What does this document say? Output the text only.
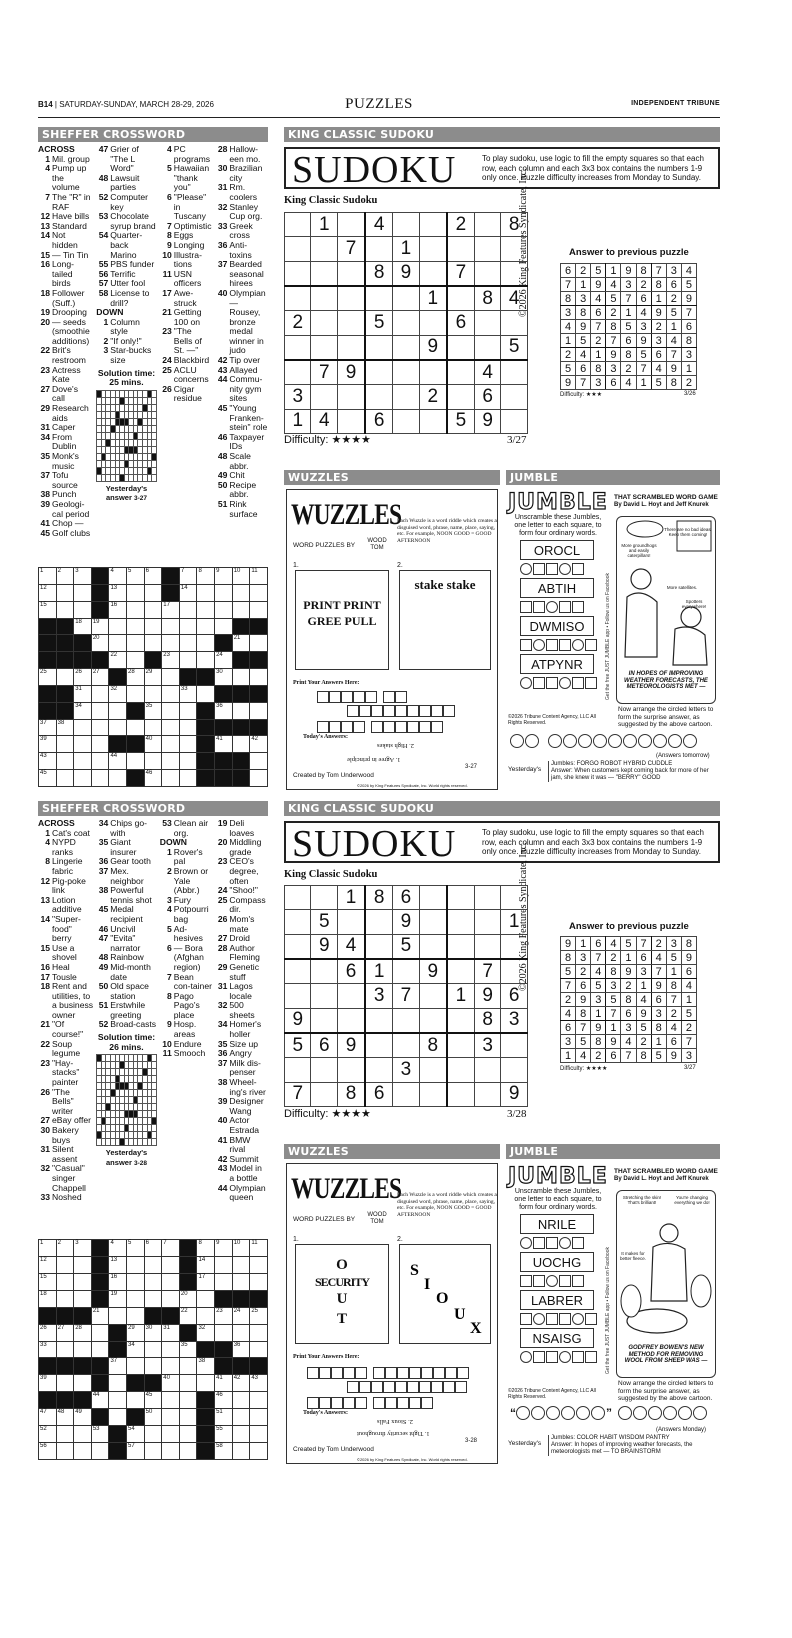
B14 | SATURDAY-SUNDAY, MARCH 28-29, 2026	PUZZLES	INDEPENDENT TRIBUNE
SHEFFER CROSSWORD
ACROSS
1 Mil. group
4 Pump up the volume
7 The "R" in RAF
12 Have bills
13 Standard
14 Not hidden
15 — Tin Tin
16 Long-tailed birds
18 Follower (Suff.)
19 Drooping
20 — seeds (smoothie additions)
22 Brit's restroom
23 Actress Kate
27 Dove's call
29 Research aids
31 Caper
34 From Dublin
35 Monk's music
37 Tofu source
38 Punch
39 Geologi-cal period
41 Chop —
45 Golf clubs
47 Grier of "The L Word"
48 Lawsuit parties
52 Computer key
53 Chocolate syrup brand
54 Quarter-back Marino
55 PBS funder
56 Terrific
57 Utter fool
58 License to drill?
DOWN
1 Column style
2 "If only!"
3 Star-bucks size
Solution time: 25 mins.

Yesterday's answer 3-27
4 PC programs
5 Hawaiian "thank you"
6 "Please" in Tuscany
7 Optimistic
8 Eggs
9 Longing
10 Illustra-tions
11 USN officers
17 Awe-struck
21 Getting 100 on
23 "The Bells of St. —"
24 Blackbird
25 ACLU concerns
26 Cigar residue
28 Hallow-een mo.
30 Brazilian city
31 Rm. coolers
32 Stanley Cup org.
33 Greek cross
36 Anti-toxins
37 Bearded seasonal hirees
40 Olympian — Rousey, bronze medal winner in judo
42 Tip over
43 Allayed
44 Commu-nity gym sites
45 "Young Franken-stein" role
46 Taxpayer IDs
48 Scale abbr.
49 Chit
50 Recipe abbr.
51 Rink surface
1	2	3		4	5	6		7	8	9	10	11

12				13				14				

15				16			17					

		18	19									

			20								21	

				22			23			24		

25		26	27		28	29				30		

		31		32				33				

		34				35				36		

37	38											

39						40				41		42

43				44								

45						46						

SHEFFER CROSSWORD
ACROSS
1 Cat's coat
4 NYPD ranks
8 Lingerie fabric
12 Pig-poke link
13 Lotion additive
14 "Super-food" berry
15 Use a shovel
16 Heal
17 Tousle
18 Rent and utilities, to a business owner
21 "Of course!"
22 Soup legume
23 "Hay-stacks" painter
26 "The Bells" writer
27 eBay offer
30 Bakery buys
31 Silent assent
32 "Casual" singer Chappell
33 Noshed
34 Chips go-with
35 Giant insurer
36 Gear tooth
37 Mex. neighbor
38 Powerful tennis shot
45 Medal recipient
46 Uncivil
47 "Evita" narrator
48 Rainbow
49 Mid-month date
50 Old space station
51 Erstwhile greeting
52 Broad-casts
Solution time: 26 mins.

Yesterday's answer 3-28
53 Clean air org.
DOWN
1 Rover's pal
2 Brown or Yale (Abbr.)
3 Fury
4 Potpourri bag
5 Ad-hesives
6 — Bora (Afghan region)
7 Bean con-tainer
8 Pago Pago's place
9 Hosp. areas
10 Endure
11 Smooch
19 Deli loaves
20 Middling grade
23 CEO's degree, often
24 "Shoo!"
25 Compass dir.
26 Mom's mate
27 Droid
28 Author Fleming
29 Genetic stuff
31 Lagos locale
32 500 sheets
34 Homer's holler
35 Size up
36 Angry
37 Milk dis-penser
38 Wheel-ing's river
39 Designer Wang
40 Actor Estrada
41 BMW rival
42 Summit
43 Model in a bottle
44 Olympian queen
1	2	3		4	5	6	7		8	9	10	11

12				13					14			

15				16					17			

18				19				20				

			21					22		23	24	25

26	27	28			29	30	31		32			

33					34			35			36	

				37					38			

39							40			41	42	43

			44			45				46		

47	48	49				50				51		

52			53		54					55		

56					57					58		

KING CLASSIC SUDOKU
SUDOKU	To play sudoku, use logic to fill the empty squares so that each row, each column and each 3x3 box contains the numbers 1-9 only once. Puzzle difficulty increases from Monday to Sunday.
King Classic Sudoku	©2026 King Features Syndicate, Inc.
Difficulty: ★★★★	3/27
Answer to previous puzzle
Difficulty: ★★★	3/26
	1		4			2		8
		7		1				
			8	9		7		
					1		8	4
2			5			6		
					9			5
	7	9					4	
3					2		6	
1	4		6			5	9	
6	2	5	1	9	8	7	3	4
7	1	9	4	3	2	8	6	5
8	3	4	5	7	6	1	2	9
3	8	6	2	1	4	9	5	7
4	9	7	8	5	3	2	1	6
1	5	2	7	6	9	3	4	8
2	4	1	9	8	5	6	7	3
5	6	8	3	2	7	4	9	1
9	7	3	6	4	1	5	8	2
KING CLASSIC SUDOKU
SUDOKU	To play sudoku, use logic to fill the empty squares so that each row, each column and each 3x3 box contains the numbers 1-9 only once. Puzzle difficulty increases from Monday to Sunday.
King Classic Sudoku	©2026 King Features Syndicate, Inc.
Difficulty: ★★★★	3/28
Answer to previous puzzle
Difficulty: ★★★★	3/27
		1	8	6				
	5			9				1
	9	4		5				
		6	1		9		7	
			3	7		1	9	6
9							8	3
5	6	9			8		3	
				3				
7		8	6					9
9	1	6	4	5	7	2	3	8
8	3	7	2	1	6	4	5	9
5	2	4	8	9	3	7	1	6
7	6	5	3	2	1	9	8	4
2	9	3	5	8	4	6	7	1
4	8	1	7	6	9	3	2	5
6	7	9	1	3	5	8	4	2
3	5	8	9	4	2	1	6	7
1	4	2	6	7	8	5	9	3
WUZZLES
WUZZLES
WORD PUZZLES BY
WOOD TOM
Each Wuzzle is a word riddle which creates a disguised word, phrase, name, place, saying, etc. For example, NOON GOOD = GOOD AFTERNOON
1.	2.
PRINT PRINT GREE PULL
stake stake
Print Your Answers Here:
Today's Answers:
1. Agree in principle
2. High stakes
3-27
Created by Tom Underwood
©2026 by King Features Syndicate, Inc. World rights reserved.
WUZZLES
WUZZLES
WORD PUZZLES BY
WOOD TOM
Each Wuzzle is a word riddle which creates a disguised word, phrase, name, place, saying, etc. For example, NOON GOOD = GOOD AFTERNOON
1.	2.
O
SECURITY
U
T
S
I
O
U
X
Print Your Answers Here:
Today's Answers:
1. Tight security throughout
2. Sioux Falls
3-28
Created by Tom Underwood
©2026 by King Features Syndicate, Inc. World rights reserved.
JUMBLE
JUMBLE THAT SCRAMBLED WORD GAME
By David L. Hoyt and Jeff Knurek
Unscramble these Jumbles, one letter to each square, to form four ordinary words.
OROCL
ABTIH
DWMISO
ATPYNR	Get the free JUST JUMBLE app • Follow us on Facebook
There are no bad ideas. Keep them coming!
More groundhogs and easily caterpillars!
More satellites.
Spotters everywhere!
IN HOPES OF IMPROVING WEATHER FORECASTS, THE METEOROLOGISTS MET —
©2026 Tribune Content Agency, LLC All Rights Reserved.
Now arrange the circled letters to form the surprise answer, as suggested by the above cartoon.
(Answers tomorrow)
Yesterday's
Jumbles: FORGO ROBOT HYBRID CUDDLE
Answer: When customers kept coming back for more of her jam, she knew it was — "BERRY" GOOD
JUMBLE
JUMBLE THAT SCRAMBLED WORD GAME
By David L. Hoyt and Jeff Knurek
Unscramble these Jumbles, one letter to each square, to form four ordinary words.
NRILE
UOCHG
LABRER
NSAISG	Get the free JUST JUMBLE app • Follow us on Facebook
Stretching the skin! That's brilliant!
You're changing everything we do!
It makes for better fleece.
GODFREY BOWEN'S NEW METHOD FOR REMOVING WOOL FROM SHEEP WAS —
©2026 Tribune Content Agency, LLC All Rights Reserved.
Now arrange the circled letters to form the surprise answer, as suggested by the above cartoon.
“	”
(Answers Monday)
Yesterday's
Jumbles: COLOR HABIT WISDOM PANTRY
Answer: In hopes of improving weather forecasts, the meteorologists met — TO BRAINSTORM
